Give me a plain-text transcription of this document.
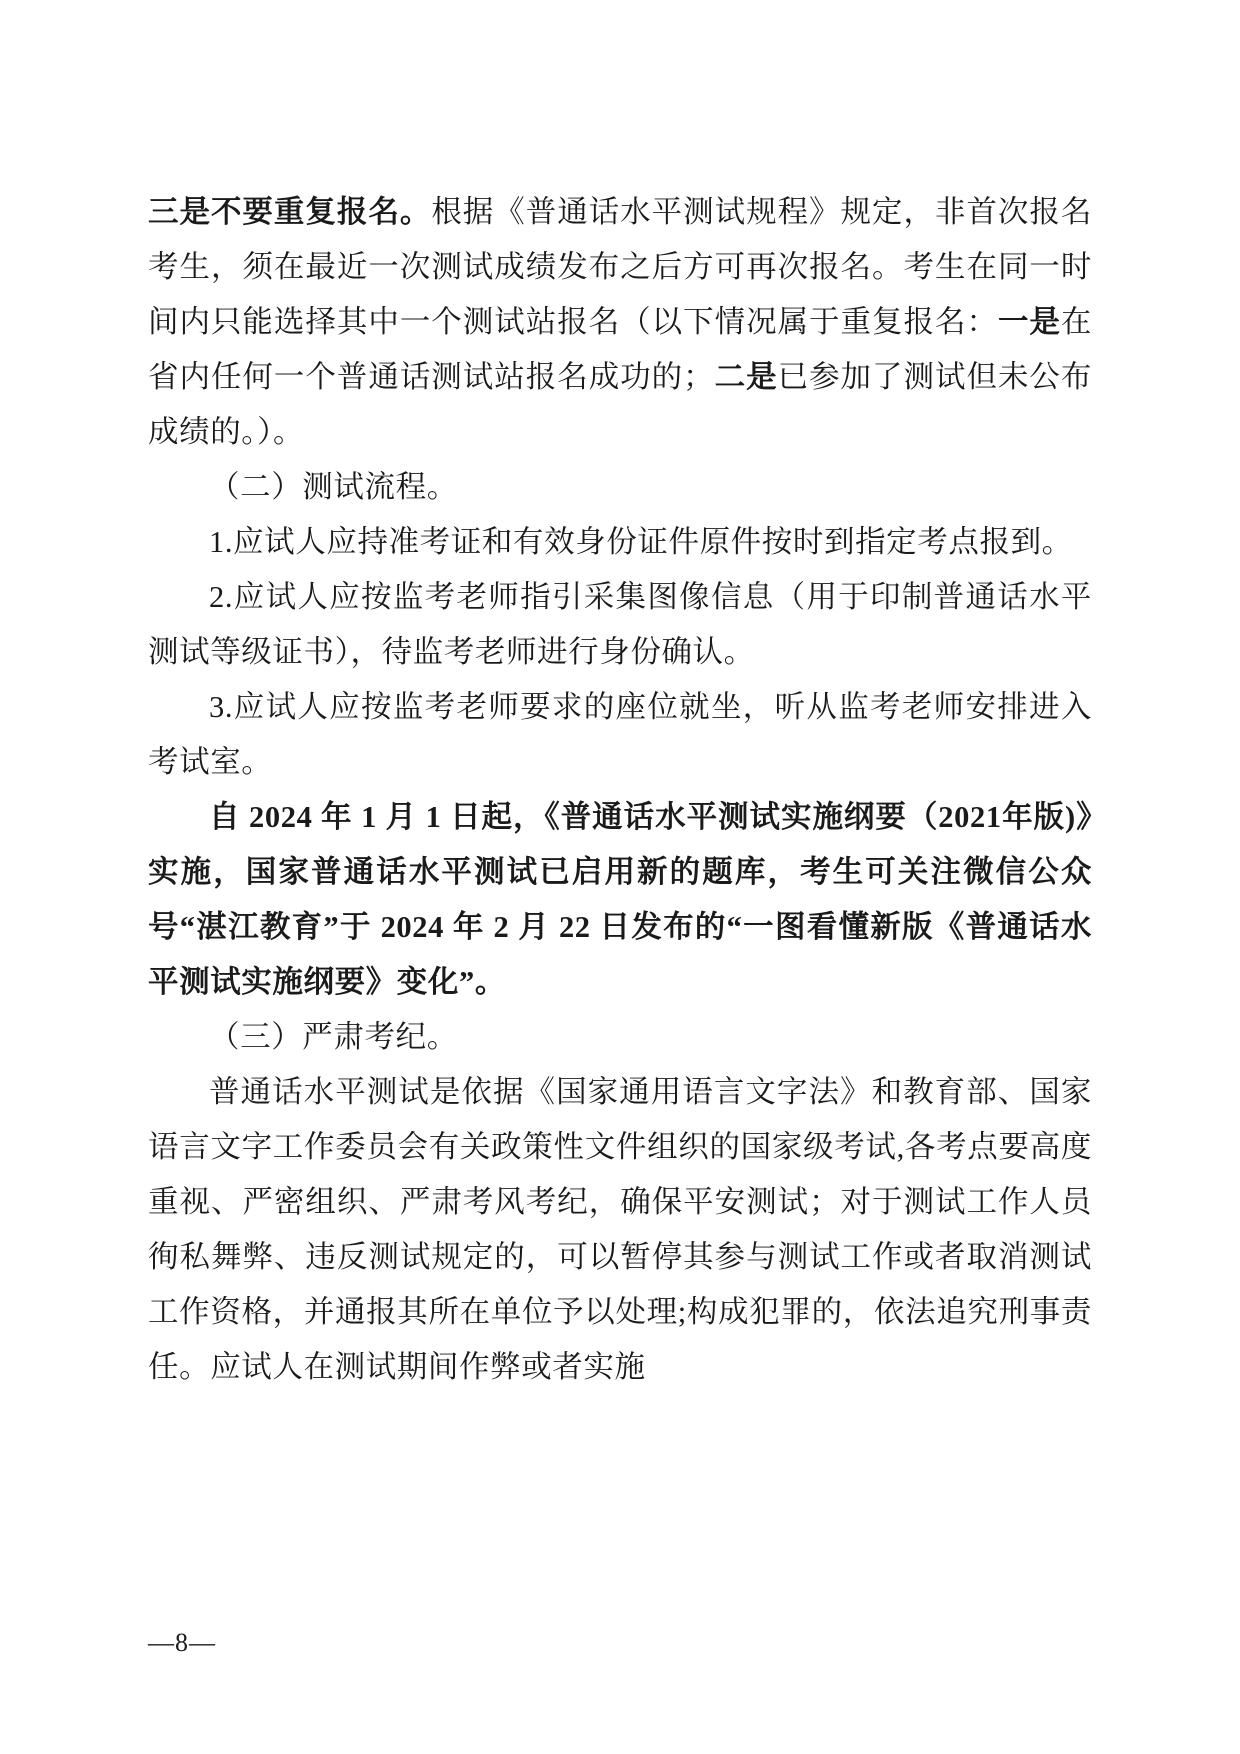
三是不要重复报名。根据《普通话水平测试规程》规定，非首次报名考生，须在最近一次测试成绩发布之后方可再次报名。考生在同一时间内只能选择其中一个测试站报名（以下情况属于重复报名：一是在省内任何一个普通话测试站报名成功的；二是已参加了测试但未公布成绩的。）。

（二）测试流程。

1.应试人应持准考证和有效身份证件原件按时到指定考点报到。

2.应试人应按监考老师指引采集图像信息（用于印制普通话水平测试等级证书），待监考老师进行身份确认。

3.应试人应按监考老师要求的座位就坐，听从监考老师安排进入考试室。

自 2024 年 1 月 1 日起，《普通话水平测试实施纲要（2021年版)》实施，国家普通话水平测试已启用新的题库，考生可关注微信公众号“湛江教育”于 2024 年 2 月 22 日发布的“一图看懂新版《普通话水平测试实施纲要》变化”。

（三）严肃考纪。

普通话水平测试是依据《国家通用语言文字法》和教育部、国家语言文字工作委员会有关政策性文件组织的国家级考试,各考点要高度重视、严密组织、严肃考风考纪，确保平安测试；对于测试工作人员徇私舞弊、违反测试规定的，可以暂停其参与测试工作或者取消测试工作资格，并通报其所在单位予以处理;构成犯罪的，依法追究刑事责任。应试人在测试期间作弊或者实施

—8—
